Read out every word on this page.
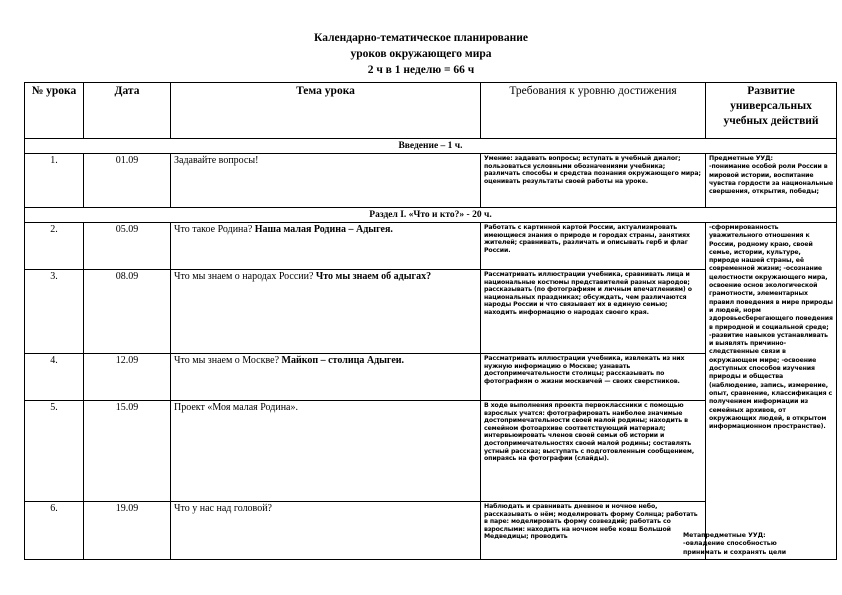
Календарно-тематическое планирование
уроков окружающего мира
2 ч в 1 неделю = 66 ч
№ урока	Дата	Тема урока	Требования к уровню достижения	Развитие универсальных учебных действий
Введение – 1 ч.				
1.	01.09	Задавайте вопросы!	Умение: задавать вопросы; вступать в учебный диалог; пользоваться условными обозначениями учебника; различать способы и средства познания окружающего мира; оценивать результаты своей работы на уроке.	Предметные УУД:
-понимание особой роли России в мировой истории, воспитание чувства гордости за национальные свершения, открытия, победы;

Раздел I. «Что и кто?» - 20 ч.				
2.	05.09	Что такое Родина? Наша малая Родина – Адыгея.	Работать с картинной картой России, актуализировать имеющиеся знания о природе и городах страны, занятиях жителей; сравнивать, различать и описывать герб и флаг России.	-сформированность уважительного отношения к России, родному краю, своей семье, истории, культуре, природе нашей страны, её современной жизни; -осознание целостности окружающего мира, освоение основ экологической грамотности, элементарных правил поведения в мире природы и людей, норм здоровьесберегающего поведения в природной и социальной среде; -развитие навыков устанавливать и выявлять причинно-следственные связи в окружающем мире; -освоение доступных способов изучения природы и общества (наблюдение, запись, измерение, опыт, сравнение, классификация с получением информации из семейных архивов, от окружающих людей, в открытом информационном пространстве).
3.	08.09	Что мы знаем о народах России? Что мы знаем об адыгах?	Рассматривать иллюстрации учебника, сравнивать лица и национальные костюмы представителей разных народов; рассказывать (по фотографиям и личным впечатлениям) о национальных праздниках; обсуждать, чем различаются народы России и что связывает их в единую семью; находить информацию о народах своего края.	
4.	12.09	Что мы знаем о Москве? Майкоп – столица Адыгеи.	Рассматривать иллюстрации учебника, извлекать из них нужную информацию о Москве; узнавать достопримечательности столицы; рассказывать по фотографиям о жизни москвичей — своих сверстников.	
5.	15.09	Проект «Моя малая Родина».	В ходе выполнения проекта первоклассники с помощью взрослых учатся: фотографировать наиболее значимые достопримечательности своей малой родины; находить в семейном фотоархиве соответствующий материал; интервьюировать членов своей семьи об истории и достопримечательностях своей малой родины; составлять устный рассказ; выступать с подготовленным сообщением, опираясь на фотографии (слайды).	
6.	19.09	Что у нас над головой?	Наблюдать и сравнивать дневное и ночное небо, рассказывать о нём; моделировать форму Солнца; работать в паре: моделировать форму созвездий; работать со взрослыми: находить на ночном небе ковш Большой Медведицы; проводить		Метапредметные УУД:
-овладение способностью принимать и сохранять цели
